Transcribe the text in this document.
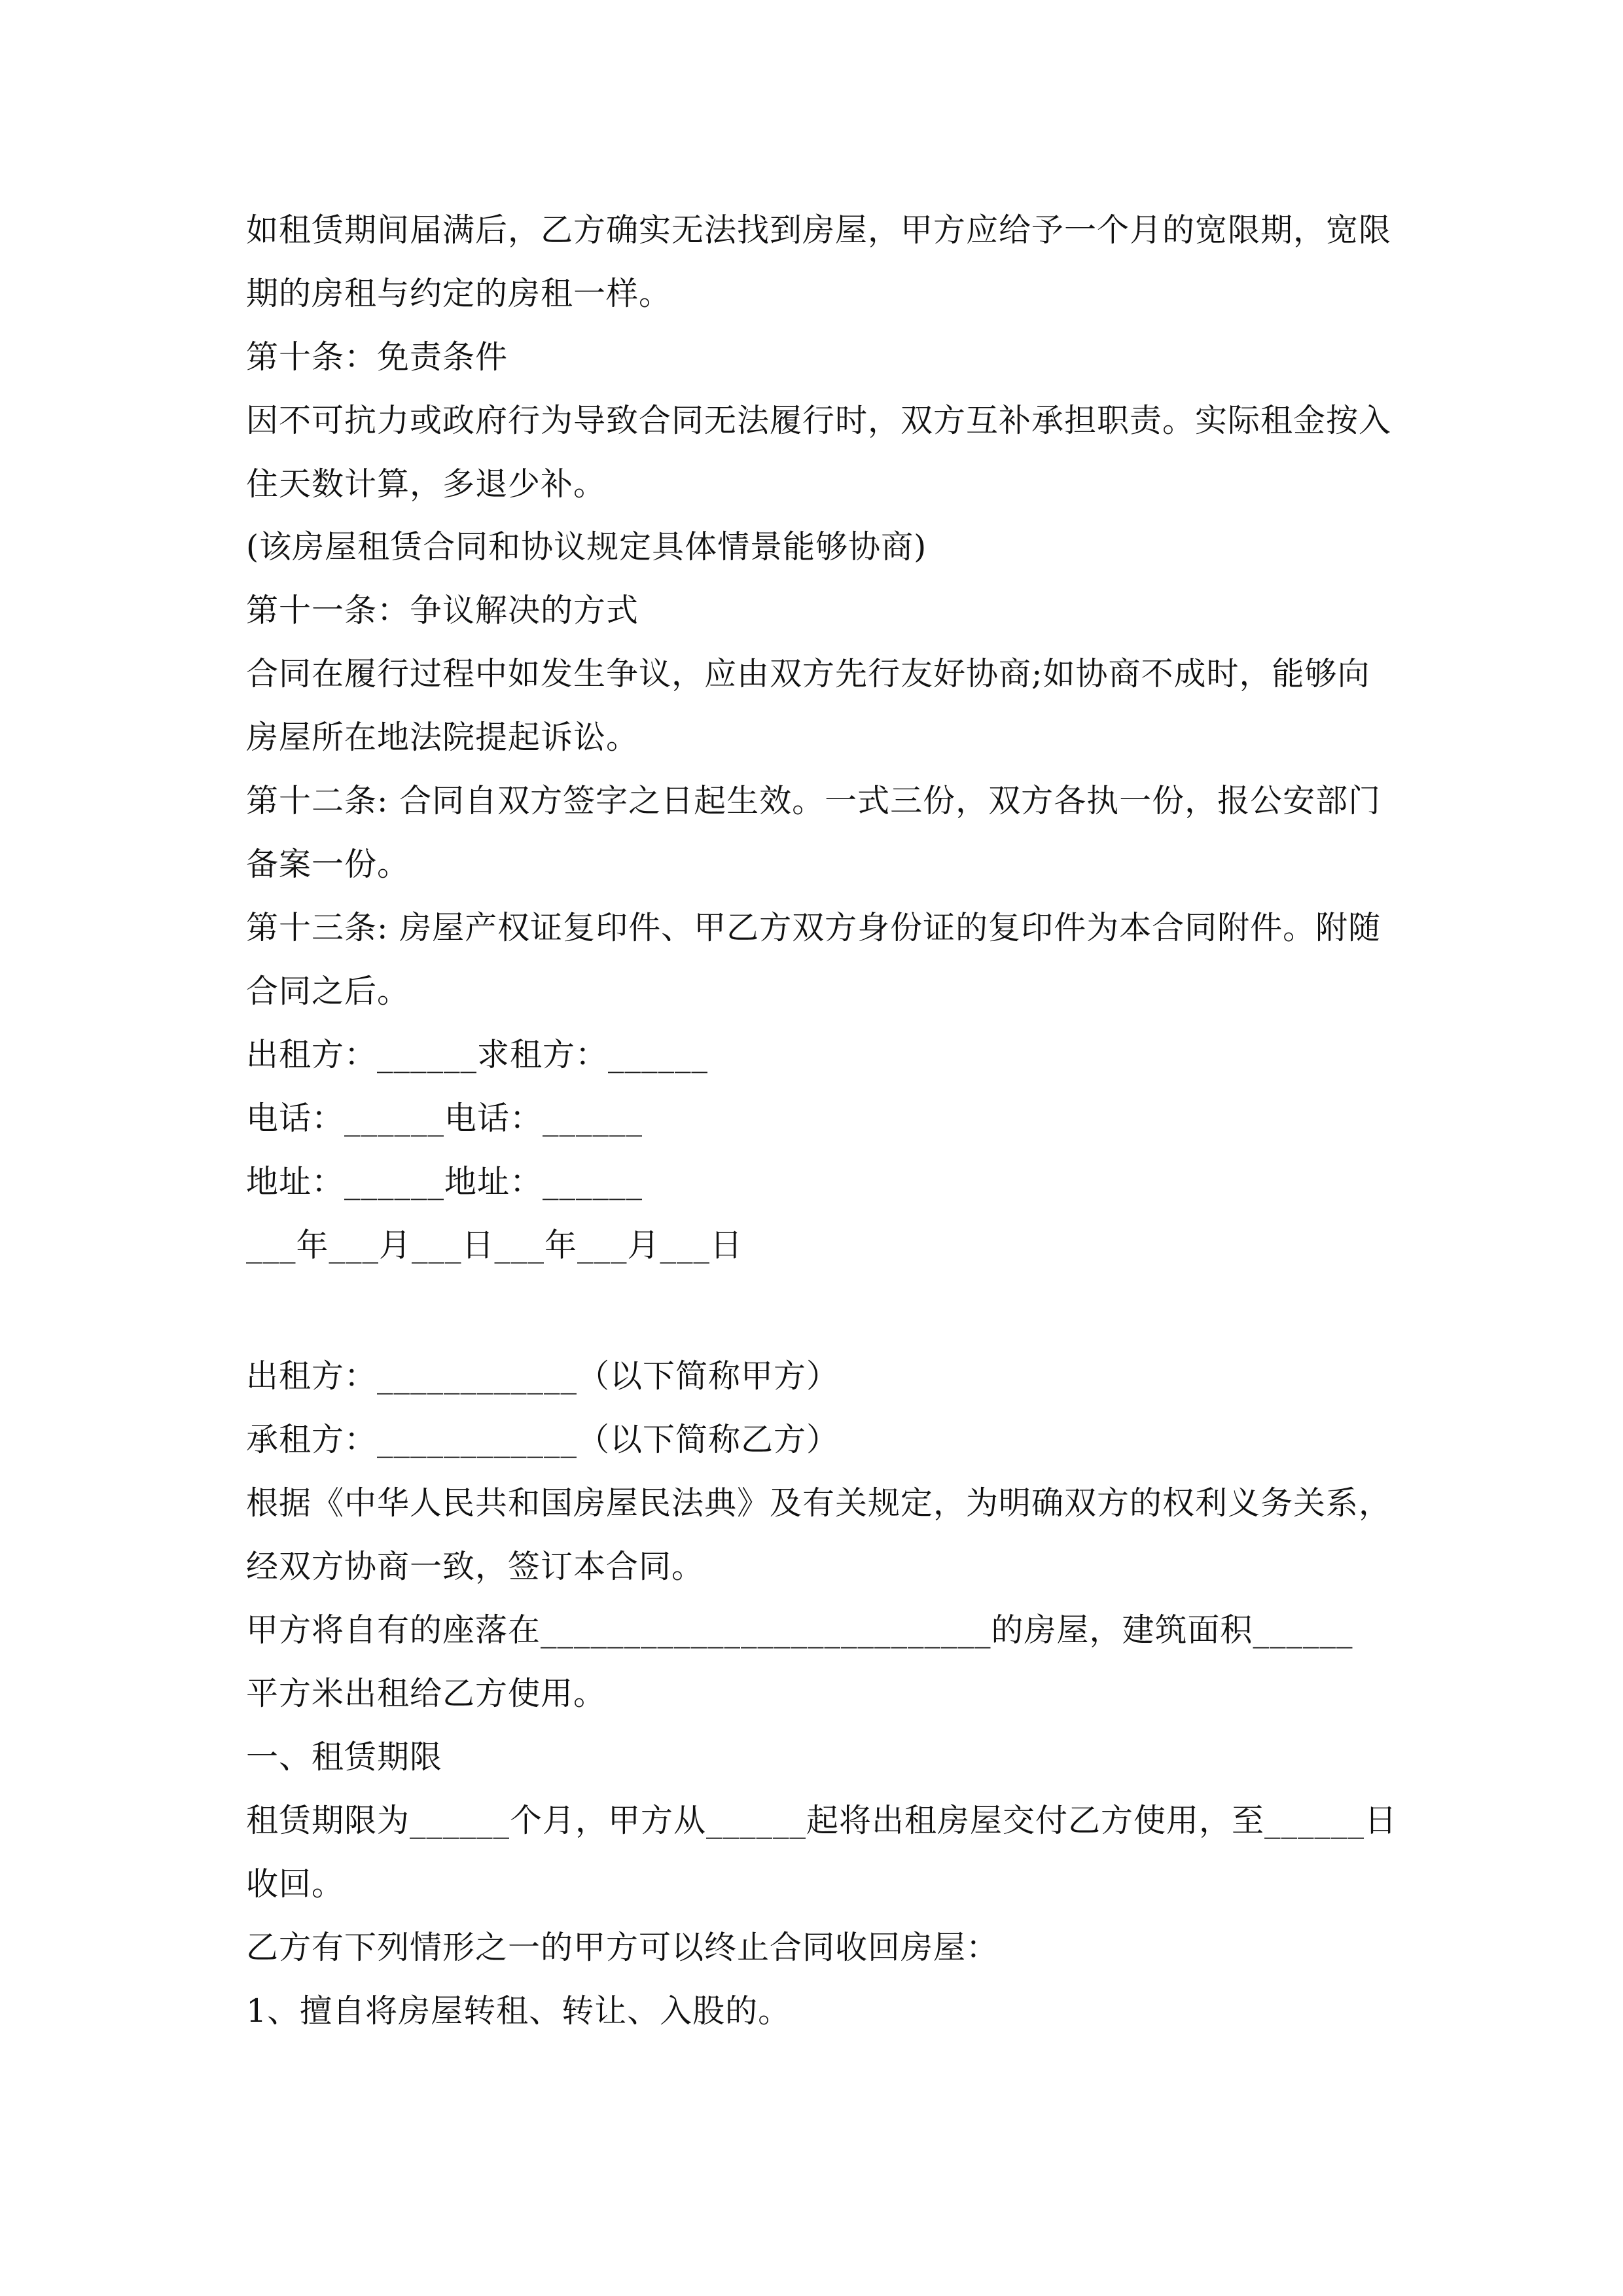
如租赁期间届满后，乙方确实无法找到房屋，甲方应给予一个月的宽限期，宽限
期的房租与约定的房租一样。
第十条：免责条件
因不可抗力或政府行为导致合同无法履行时，双方互补承担职责。实际租金按入
住天数计算，多退少补。
(该房屋租赁合同和协议规定具体情景能够协商)
第十一条：争议解决的方式
合同在履行过程中如发生争议，应由双方先行友好协商;如协商不成时，能够向
房屋所在地法院提起诉讼。
第十二条: 合同自双方签字之日起生效。一式三份，双方各执一份，报公安部门
备案一份。
第十三条: 房屋产权证复印件、甲乙方双方身份证的复印件为本合同附件。附随
合同之后。
出租方：______求租方：______
电话：______电话：______
地址：______地址：______
___年___月___日___年___月___日
出租方：____________（以下简称甲方）
承租方：____________（以下简称乙方）
根据《中华人民共和国房屋民法典》及有关规定，为明确双方的权利义务关系，
经双方协商一致，签订本合同。
甲方将自有的座落在___________________________的房屋，建筑面积______
平方米出租给乙方使用。
一、租赁期限
租赁期限为______个月，甲方从______起将出租房屋交付乙方使用，至______日
收回。
乙方有下列情形之一的甲方可以终止合同收回房屋：
1、擅自将房屋转租、转让、入股的。
